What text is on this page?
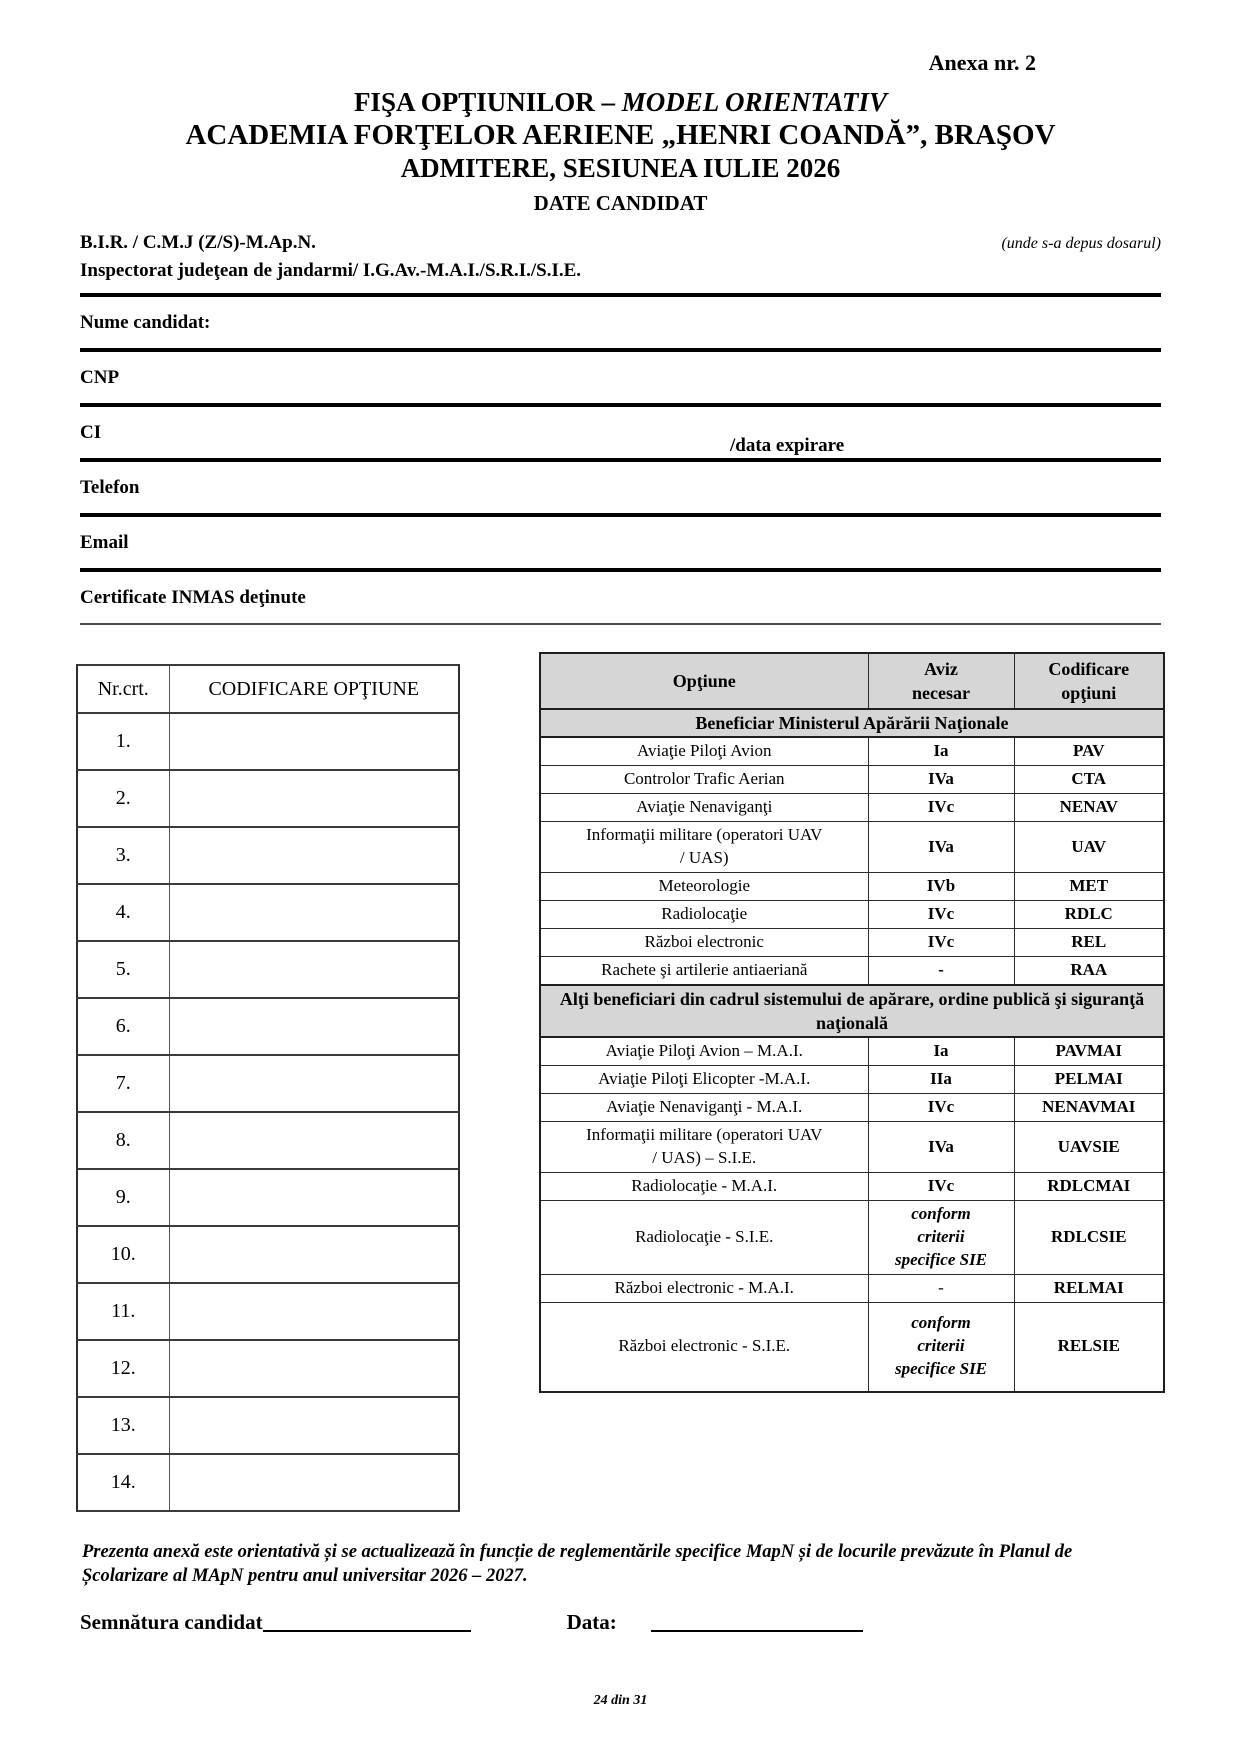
Anexa nr. 2
FIŞA OPŢIUNILOR – MODEL ORIENTATIV
ACADEMIA FORŢELOR AERIENE „HENRI COANDĂ”, BRAŞOV
ADMITERE, SESIUNEA IULIE 2026
DATE CANDIDAT
B.I.R. / C.M.J (Z/S)-M.Ap.N.	(unde s-a depus dosarul)
Inspectorat judeţean de jandarmi/ I.G.Av.-M.A.I./S.R.I./S.I.E.
Nume candidat:
CNP
CI
/data expirare
Telefon
Email
Certificate INMAS deţinute
Nr.crt.	CODIFICARE OPŢIUNE
1.	
2.	
3.	
4.	
5.	
6.	
7.	
8.	
9.	
10.	
11.	
12.	
13.	
14.	
Opţiune	Aviz necesar	Codificare opţiuni
Beneficiar Ministerul Apărării Naţionale		
Aviaţie Piloţi Avion	Ia	PAV
Controlor Trafic Aerian	IVa	CTA
Aviaţie Nenaviganţi	IVc	NENAV
Informaţii militare (operatori UAV / UAS)	IVa	UAV
Meteorologie	IVb	MET
Radiolocaţie	IVc	RDLC
Război electronic	IVc	REL
Rachete şi artilerie antiaeriană	-	RAA
Alţi beneficiari din cadrul sistemului de apărare, ordine publică şi siguranţă naţională		
Aviaţie Piloţi Avion – M.A.I.	Ia	PAVMAI
Aviaţie Piloţi Elicopter -M.A.I.	IIa	PELMAI
Aviaţie Nenaviganţi - M.A.I.	IVc	NENAVMAI
Informaţii militare (operatori UAV / UAS) – S.I.E.	IVa	UAVSIE
Radiolocaţie - M.A.I.	IVc	RDLCMAI
Radiolocaţie - S.I.E.	conform criterii specifice SIE	RDLCSIE
Război electronic - M.A.I.	-	RELMAI
Război electronic - S.I.E.	conform criterii specifice SIE	RELSIE
Prezenta anexă este orientativă și se actualizează în funcție de reglementările specifice MapN și de locurile prevăzute în Planul de Școlarizare al MApN pentru anul universitar 2026 – 2027.
Semnătura candidat	Data:
24 din 31
